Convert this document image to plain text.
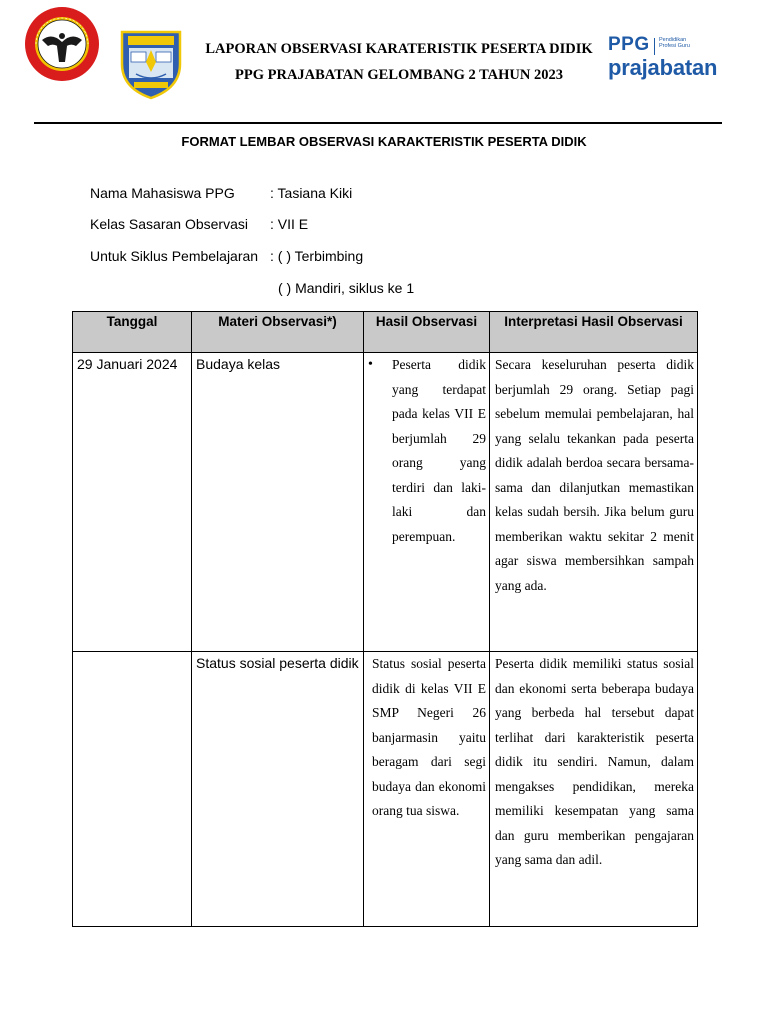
LAPORAN OBSERVASI KARATERISTIK PESERTA DIDIK
PPG PRAJABATAN GELOMBANG 2 TAHUN 2023
PPG Pendidikan Profesi Guru
prajabatan
FORMAT LEMBAR OBSERVASI KARAKTERISTIK PESERTA DIDIK
Nama Mahasiswa PPG	: Tasiana Kiki
Kelas Sasaran Observasi : VII E
Untuk Siklus Pembelajaran : ( ) Terbimbing
( ) Mandiri, siklus ke 1
Tanggal	Materi Observasi*)	Hasil Observasi	Interpretasi Hasil Observasi
29 Januari 2024	Budaya kelas	• Peserta didik yang terdapat pada kelas VII E berjumlah 29 orang yang terdiri dan laki-laki dan perempuan.	Secara keseluruhan peserta didik berjumlah 29 orang. Setiap pagi sebelum memulai pembelajaran, hal yang selalu tekankan pada peserta didik adalah berdoa secara bersama-sama dan dilanjutkan memastikan kelas sudah bersih. Jika belum guru memberikan waktu sekitar 2 menit agar siswa membersihkan sampah yang ada.
	Status sosial peserta didik	Status sosial peserta didik di kelas VII E SMP Negeri 26 banjarmasin yaitu beragam dari segi budaya dan ekonomi orang tua siswa.	Peserta didik memiliki status sosial dan ekonomi serta beberapa budaya yang berbeda hal tersebut dapat terlihat dari karakteristik peserta didik itu sendiri. Namun, dalam mengakses pendidikan, mereka memiliki kesempatan yang sama dan guru memberikan pengajaran yang sama dan adil.
